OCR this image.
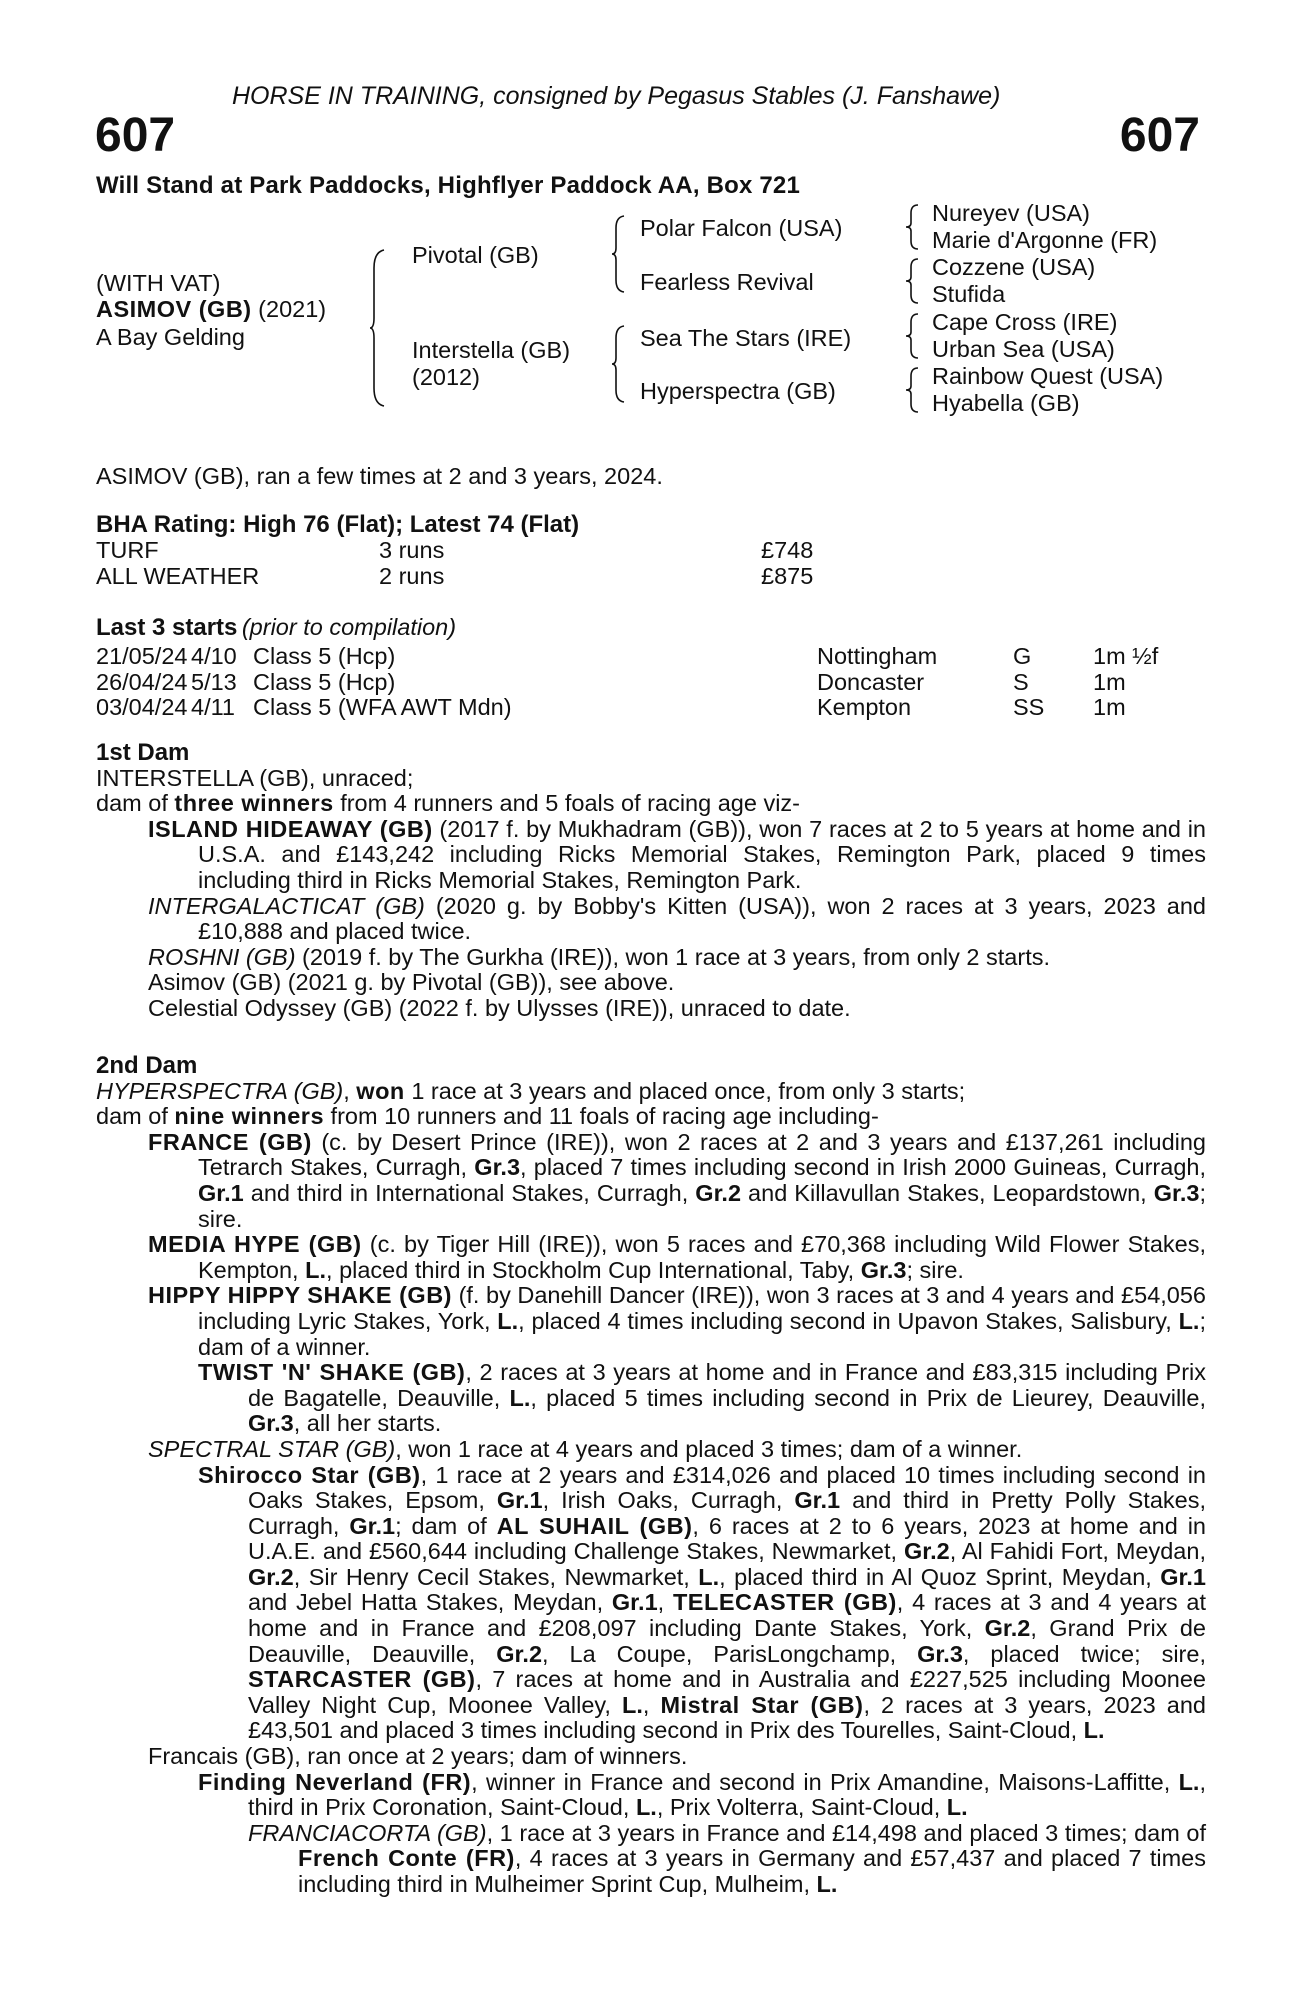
HORSE IN TRAINING, consigned by Pegasus Stables (J. Fanshawe)
607	607
Will Stand at Park Paddocks, Highflyer Paddock AA, Box 721
(WITH VAT)
ASIMOV (GB) (2021)
A Bay Gelding
Pivotal (GB)
Interstella (GB)
(2012)
Polar Falcon (USA)
Fearless Revival
Sea The Stars (IRE)
Hyperspectra (GB)
Nureyev (USA)
Marie d'Argonne (FR)
Cozzene (USA)
Stufida
Cape Cross (IRE)
Urban Sea (USA)
Rainbow Quest (USA)
Hyabella (GB)
ASIMOV (GB), ran a few times at 2 and 3 years, 2024.
BHA Rating: High 76 (Flat); Latest 74 (Flat)
TURF	3 runs	£748
ALL WEATHER	2 runs	£875
Last 3 starts (prior to compilation)
21/05/24	4/10	Class 5 (Hcp)	Nottingham	G	1m ½f
26/04/24	5/13	Class 5 (Hcp)	Doncaster	S	1m
03/04/24	4/11	Class 5 (WFA AWT Mdn)	Kempton	SS	1m

1st Dam

INTERSTELLA (GB), unraced;

dam of three winners from 4 runners and 5 foals of racing age viz-

ISLAND HIDEAWAY (GB) (2017 f. by Mukhadram (GB)), won 7 races at 2 to 5 years at home and in U.S.A. and £143,242 including Ricks Memorial Stakes, Remington Park, placed 9 times including third in Ricks Memorial Stakes, Remington Park.

INTERGALACTICAT (GB) (2020 g. by Bobby's Kitten (USA)), won 2 races at 3 years, 2023 and £10,888 and placed twice.

ROSHNI (GB) (2019 f. by The Gurkha (IRE)), won 1 race at 3 years, from only 2 starts.

Asimov (GB) (2021 g. by Pivotal (GB)), see above.

Celestial Odyssey (GB) (2022 f. by Ulysses (IRE)), unraced to date.

2nd Dam

HYPERSPECTRA (GB), won 1 race at 3 years and placed once, from only 3 starts;

dam of nine winners from 10 runners and 11 foals of racing age including-

FRANCE (GB) (c. by Desert Prince (IRE)), won 2 races at 2 and 3 years and £137,261 including Tetrarch Stakes, Curragh, Gr.3, placed 7 times including second in Irish 2000 Guineas, Curragh, Gr.1 and third in International Stakes, Curragh, Gr.2 and Killavullan Stakes, Leopardstown, Gr.3; sire.

MEDIA HYPE (GB) (c. by Tiger Hill (IRE)), won 5 races and £70,368 including Wild Flower Stakes, Kempton, L., placed third in Stockholm Cup International, Taby, Gr.3; sire.

HIPPY HIPPY SHAKE (GB) (f. by Danehill Dancer (IRE)), won 3 races at 3 and 4 years and £54,056 including Lyric Stakes, York, L., placed 4 times including second in Upavon Stakes, Salisbury, L.; dam of a winner.

TWIST 'N' SHAKE (GB), 2 races at 3 years at home and in France and £83,315 including Prix de Bagatelle, Deauville, L., placed 5 times including second in Prix de Lieurey, Deauville, Gr.3, all her starts.

SPECTRAL STAR (GB), won 1 race at 4 years and placed 3 times; dam of a winner.

Shirocco Star (GB), 1 race at 2 years and £314,026 and placed 10 times including second in Oaks Stakes, Epsom, Gr.1, Irish Oaks, Curragh, Gr.1 and third in Pretty Polly Stakes, Curragh, Gr.1; dam of AL SUHAIL (GB), 6 races at 2 to 6 years, 2023 at home and in U.A.E. and £560,644 including Challenge Stakes, Newmarket, Gr.2, Al Fahidi Fort, Meydan, Gr.2, Sir Henry Cecil Stakes, Newmarket, L., placed third in Al Quoz Sprint, Meydan, Gr.1 and Jebel Hatta Stakes, Meydan, Gr.1, TELECASTER (GB), 4 races at 3 and 4 years at home and in France and £208,097 including Dante Stakes, York, Gr.2, Grand Prix de Deauville, Deauville, Gr.2, La Coupe, ParisLongchamp, Gr.3, placed twice; sire, STARCASTER (GB), 7 races at home and in Australia and £227,525 including Moonee Valley Night Cup, Moonee Valley, L., Mistral Star (GB), 2 races at 3 years, 2023 and £43,501 and placed 3 times including second in Prix des Tourelles, Saint-Cloud, L.

Francais (GB), ran once at 2 years; dam of winners.

Finding Neverland (FR), winner in France and second in Prix Amandine, Maisons-Laffitte, L., third in Prix Coronation, Saint-Cloud, L., Prix Volterra, Saint-Cloud, L.

FRANCIACORTA (GB), 1 race at 3 years in France and £14,498 and placed 3 times; dam of French Conte (FR), 4 races at 3 years in Germany and £57,437 and placed 7 times including third in Mulheimer Sprint Cup, Mulheim, L.
